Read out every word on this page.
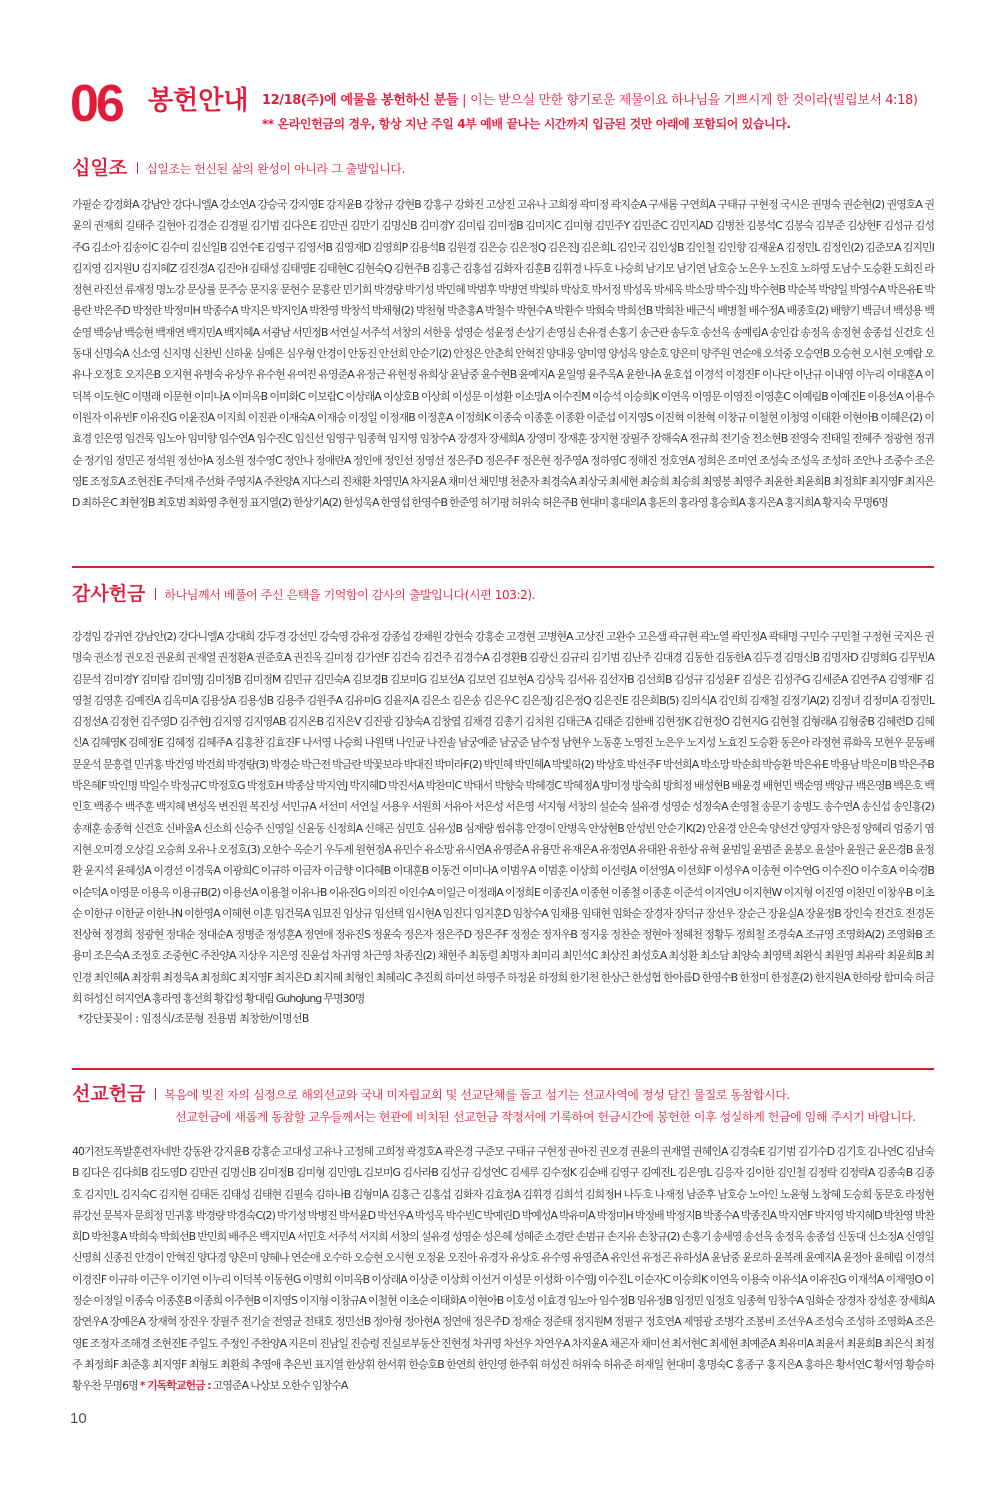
06 봉헌안내 12/18(주)에 예물을 봉헌하신 분들 | 이는 받으실 만한 향기로운 제물이요 하나님을 기쁘시게 한 것이라(빌립보서 4:18)
** 온라인헌금의 경우, 항상 지난 주일 4부 예배 끝나는 시간까지 입금된 것만 아래에 포함되어 있습니다.
십일조 십일조는 헌신된 삶의 완성이 아니라 그 출발입니다.
가필순 강경화A 강남안 강다니엘A 강소연A 강승국 강지영E 강지윤B 강창규 강현B 강홍구 강화진 고상진 고유나 고희정 곽미정 곽지순A 구새롬 구연희A 구태규 구현정 국시은 권명숙 권순현(2) 권영호A 권윤의 권재희 길태주 길현아 김경순 김경필 김기범 김다은E 김만권 김만기 김명신B 김미경Y 김미림 김미정B 김미지C 김미형 김민주Y 김민준C 김민지AD 김병찬 김봉석C 김봉숙 김부준 김상현F 김성규 김성주G 김소아 김송이C 김수미 김신일B 김연수E 김영구 김영서B 김영재D 김영희P 김용석B 김원경 김은승 김은정Q 김은진J 김은희L 김인국 김인성B 김인철 김인향 김재윤A 김정민L 김정인(2) 김준모A 김지민I 김지영 김지원U 김지혜Z 김진경A 김진아I 김태성 김태영E 김태현C 김현숙Q 김현주B 김홍근 김홍섭 김화자 김훈B 김휘경 나두호 나승희 남기모 남기연 남호승 노은우 노진호 노하영 도남수 도승환 도희진 라정현 라진선 류재정 명노강 문상률 문주승 문지웅 문현수 문홍란 민기희 박경량 박기성 박민혜 박범후 박병연 박빛하 박상호 박서정 박성옥 박세옥 박소망 박수진J 박수현B 박순복 박양일 박영수A 박은유E 박용란 박은주D 박정란 박정미H 박종수A 박지은 박지인A 박찬영 박창석 박채형(2) 박천형 박춘홍A 박철수 박현수A 박환수 박희숙 박희선B 박희찬 배근식 배병철 배수정A 배종호(2) 배향기 백금녀 백성용 백순영 백승남 백승현 백재연 백지민A 백지혜A 서광남 서민정B 서연실 서주석 서창의 서한웅 성영순 성윤정 손상기 손영심 손유경 손홍기 송근관 송두호 송선옥 송예림A 송인갑 송정옥 송정현 송종섭 신건호 신동대 신명숙A 신소영 신지명 신찬빈 신하윤 심예은 심우형 안경이 안동진 안선희 안순기(2) 안정은 안춘희 안혁진 양대웅 양미영 양성옥 양순호 양은미 양주원 연순애 오석중 오승연B 오승현 오시현 오예람 오유나 오정호 오지은B 오지현 유병숙 유상우 유수현 유여진 유영준A 유정근 유현정 유희상 윤남중 윤수현B 윤예지A 윤일영 윤주옥A 윤한나A 윤호섭 이경석 이경진F 이나단 이난규 이내영 이누리 이대훈A 이덕복 이도현C 이명래 이문현 이미나A 이미옥B 이미화C 이보람C 이상래A 이상호B 이상희 이성문 이성환 이소망A 이수진M 이승석 이승희K 이연옥 이영문 이영진 이영훈C 이예림B 이예진E 이용선A 이용수 이원자 이유빈F 이유진G 이윤진A 이지희 이진관 이재숙A 이재승 이정일 이정재B 이정훈A 이정희K 이종숙 이종훈 이종환 이준섭 이지영S 이진혁 이찬혁 이창규 이철현 이청영 이태환 이현아B 이혜은(2) 이효경 인은영 임건묵 임노아 임미향 임수연A 임수진C 임신선 임영구 임종혁 임지영 임창수A 장경자 장세희A 장영미 장재훈 장지현 장필주 장해숙A 전규희 전기술 전소현B 전영숙 전태일 전혜주 정광현 정귀순 정기임 정민곤 정석원 정선아A 정소원 정수영C 정안나 정애란A 정인애 정인선 정영선 정은주D 정은주F 정은현 정주영A 정하영C 정해진 정호연A 정희은 조미연 조성숙 조성옥 조성하 조안나 조중수 조은영E 조정호A 조현진E 주덕재 주선화 주영지A 주찬양A 지다스리 진채환 차영민A 차지윤A 채미선 채민병 천춘자 최경숙A 최상국 최세현 최승희 최승희 최영봉 최영주 최윤한 최윤희B 최정희F 최지영F 최지은D 최하은C 최현정B 최호범 최화영 추현정 표지열(2) 한상기A(2) 한성욱A 한영섭 한영수B 한준영 허기평 허위숙 허은주B 현대미 홍대의A 홍돈의 홍라영 홍승희A 홍지은A 홍지희A 황지숙 무명6명
감사헌금 하나님께서 베풀어 주신 은택을 기억함이 감사의 출발입니다(시편 103:2).
강경임 강귀연 강남안(2) 강다니엘A 강대희 강두경 강선민 강숙영 강유정 강종섭 강채원 강현숙 강홍순 고경현 고병현A 고상진 고완수 고은샘 곽규현 곽노열 곽민정A 곽태명 구민수 구민철 구정현 국지은 권명숙 권소정 권오진 권윤희 권재열 권정환A 권준호A 권진옥 길미정 김가연F 김건숙 김건주 김경수A 김경환B 김광신 김규리 김기범 김난주 김대경 김동한 김동한A 김두경 김명신B 김명자D 김명희G 김무빈A 김문석 김미경Y 김미람 김미영J 김미정B 김미정M 김민규 김민숙A 김보경B 김보미G 김보선A 김보연 김보현A 김상욱 김서유 김선자B 김선희B 김성규 김성윤F 김성은 김성주G 김세준A 김연주A 김영재F 김영철 김영훈 김예진A 김옥미A 김용상A 김용성B 김용주 김원주A 김유미G 김윤지A 김은소 김은송 김은우C 김은정J 김은정Q 김은진E 김은희B(5) 김의식A 김인희 김재철 김정기A(2) 김정녀 김정미A 김정민L 김정선A 김정현 김주영D 김주현J 김지영 김지영AB 김지온B 김지은V 김진광 김창숙A 김창엽 김채경 김총기 김치원 김태근A 김태준 김한배 김현정K 김현정O 김현지G 김현철 김형래A 김형중B 김혜련D 김혜신A 김혜영K 김혜정E 김혜정 김혜주A 김홍찬 김효진F 나서영 나승희 나원택 나인균 나진솔 남궁예준 남궁준 남수정 남현우 노동훈 노영진 노은우 노지성 노효진 도승환 동은아 라정현 류화옥 모현우 문동배 문운석 문흥렬 민귀홍 박건영 박건희 박경량(3) 박경순 박근전 박금란 박꽃보라 박대진 박미라F(2) 박민혜 박민혜A 박빛하(2) 박상호 박선주F 박선희A 박소망 박순희 박승환 박은유E 박용남 박은미B 박은주B 박은혜F 박인명 박일수 박정규C 박정호G 박정호H 박종삼 박지연J 박지혜D 박진서A 박찬미C 박태서 박향숙 박혜경C 박혜정A 방미정 방숙희 방희정 배성현B 배윤경 배현민 백순영 백양규 백은영B 백은호 백인호 백종수 백주훈 백지혜 변성옥 변진원 복진성 서민규A 서선미 서연실 서용우 서원희 서유아 서은성 서은영 서지형 서창의 설순숙 설유경 성영순 성정숙A 손영철 송문기 송병도 송수연A 송신섭 송인홍(2) 송재훈 송종혁 신건호 신바울A 신소희 신승주 신영일 신윤동 신정희A 신해곤 심민호 심유성B 심재량 썸쉬홍 안경이 안병옥 안상현B 안성빈 안순기K(2) 안윤경 안은숙 양선건 양영자 양은정 양혜리 엄중기 염지현 오미경 오상길 오승희 오유나 오정호(3) 오한수 옥순기 우두제 원현정A 유민수 유소망 유시연A 유영준A 유용만 유재은A 유정연A 유태완 유한상 유혁 윤범일 윤범준 윤봉오 윤설아 윤원근 윤은경B 윤정환 윤지석 윤혜성A 이경선 이경욱A 이광희C 이규하 이금자 이금향 이다혜B 이대훈B 이동건 이미나A 이범우A 이범훈 이상희 이선령A 이선영A 이선희F 이성우A 이송현 이수연G 이수진O 이수호A 이숙경B 이순덕A 이영문 이용옥 이용규B(2) 이용선A 이용철 이유나B 이유진G 이의진 이인수A 이일근 이정래A 이정희E 이종진A 이종현 이종철 이종훈 이준석 이지연U 이지현W 이지형 이진영 이찬민 이창우B 이초순 이한규 이한균 이한나N 이한영A 이혜현 이훈 임건묵A 임묘진 임상규 임선택 임시현A 임진디 임지훈D 임창수A 임채용 임태현 임화순 장경자 장덕규 장선우 장순근 장윤실A 장윤정B 장인숙 전건호 전경돈 전상혁 정경희 정광현 정대순 정대순A 정병준 정성훈A 정연애 정유진S 정윤숙 정은자 정은주D 정은주F 정정순 정지우B 정지웅 정찬순 정현아 정혜천 정황두 정희철 조경숙A 조규영 조영화A(2) 조영화B 조용미 조은숙A 조정호 조중현C 주찬양A 지상우 지은영 진윤섭 차귀영 차근영 차종진(2) 채현주 최동렬 최명자 최미리 최민석C 최상진 최성호A 최성환 최소담 최양숙 최영택 최완식 최원영 최유락 최윤희B 최인경 최인혜A 최장휘 최정욱A 최정희C 최지영F 최지은D 최지혜 최형인 최혜리C 추진희 하미선 하영주 하정윤 하정희 한기천 한상근 한성협 한아름D 한영수B 한정미 한정훈(2) 한지원A 한하랑 함미숙 허금희 허성신 허지연A 홍라영 홍선희 황갑성 황대림 GuhoJung 무명30명
*강단꽃꽂이 : 임정식/조문형 전용범 최창한/이명선B
선교헌금 복음에 빚진 자의 심정으로 해외선교와 국내 미자립교회 및 선교단체를 돕고 섬기는 선교사역에 정성 담긴 물질로 동참합시다.
선교헌금에 새롭게 동참할 교우들께서는 현관에 비치된 선교헌금 작정서에 기록하여 헌금시간에 봉헌한 이후 성실하게 헌금에 임해 주시기 바랍니다.
40기전도폭발훈련자네반 강동완 강지윤B 강홍순 고대성 고유나 고정혜 고희정 곽경호A 곽은경 구준모 구태규 구현정 권아진 권오경 권윤의 권재열 권혜인A 김경숙E 김기범 김기수D 김기호 김나연C 김남숙B 김다은 김다희B 김도영D 김만권 김명신B 김미정B 김미형 김민영L 김보미G 김사라B 김성규 김성연C 김세루 김수정K 김순배 김영구 김예진L 김은영L 김응자 김이한 김인철 김정락 김정락A 김종숙B 김종호 김지민L 김지숙C 김지현 김태돈 김태성 김태현 김필숙 김하나B 김형미A 김홍근 김홍섭 김화자 김효정A 김휘경 김희석 김희정H 나두호 나재정 남준후 남호승 노아인 노윤형 노창혜 도승희 동문호 라정현 류강선 문복자 문희정 민귀홍 박경량 박경숙C(2) 박기성 박병진 박서윤D 박선우A 박성옥 박수빈C 박예린D 박예성A 박유미A 박정미H 박정배 박정지B 박종수A 박종진A 박지연F 박지영 박지혜D 박찬영 박찬희D 박천홍A 박희숙 박희선B 반민희 배주은 백지민A 서민호 서주석 서지희 서창의 설유경 성영순 성은혜 성혜준 소경란 손범규 손지유 손창규(2) 손홍기 송새영 송선옥 송정옥 송종섭 신동대 신소정A 신영일 신영희 신종진 안경이 안혁진 양다경 양은미 양혜나 연순애 오수하 오승현 오시현 오정윤 오진아 유경자 유상호 유수영 유영준A 유인선 유정곤 유하성A 윤남중 윤로하 윤복례 윤예지A 윤정아 윤혜림 이경석 이경진F 이규하 이근우 이기연 이누리 이덕복 이동현G 이명희 이미옥B 이상래A 이상준 이상희 이선거 이성문 이성화 이수영J 이수진L 이순자C 이승희K 이연옥 이용숙 이유석A 이유진G 이재석A 이재영O 이정순 이정일 이종숙 이종훈B 이종희 이주현B 이지영S 이지형 이창규A 이철현 이초순 이태화A 이현아B 이호성 이효경 임노아 임수정B 임유정B 임정민 임정호 임종혁 임창수A 임화순 장경자 장성훈 장세희A 장연우A 장예은A 장재혁 장진우 장필주 전기술 전영균 전태호 정민선B 정아형 정아현A 정연애 정은주D 정재순 정준태 정지원M 정필구 정호연A 제영광 조병각 조봉비 조선우A 조성숙 조성하 조영화A 조은영E 조정자 조해경 조현진E 주일도 주정인 주찬양A 지은미 진남일 진승령 진실로부동산 진현정 차귀영 차선우 차연우A 차지윤A 채곤자 채미선 최서현C 최세현 최예준A 최유미A 최윤서 최윤희B 최은식 최정주 최정희F 최준홍 최지영F 최형도 최환희 추영애 추은빈 표지열 한상휘 한서휘 한승호B 한연희 한인영 한주휘 허성진 허위숙 허유준 허재일 현대미 홍명숙C 홍종구 홍지은A 홍하은 황서연C 황서영 황승하 황우찬 무명6명 * 기독학교헌금 : 고영준A 나상보 오한수 임창수A
10
